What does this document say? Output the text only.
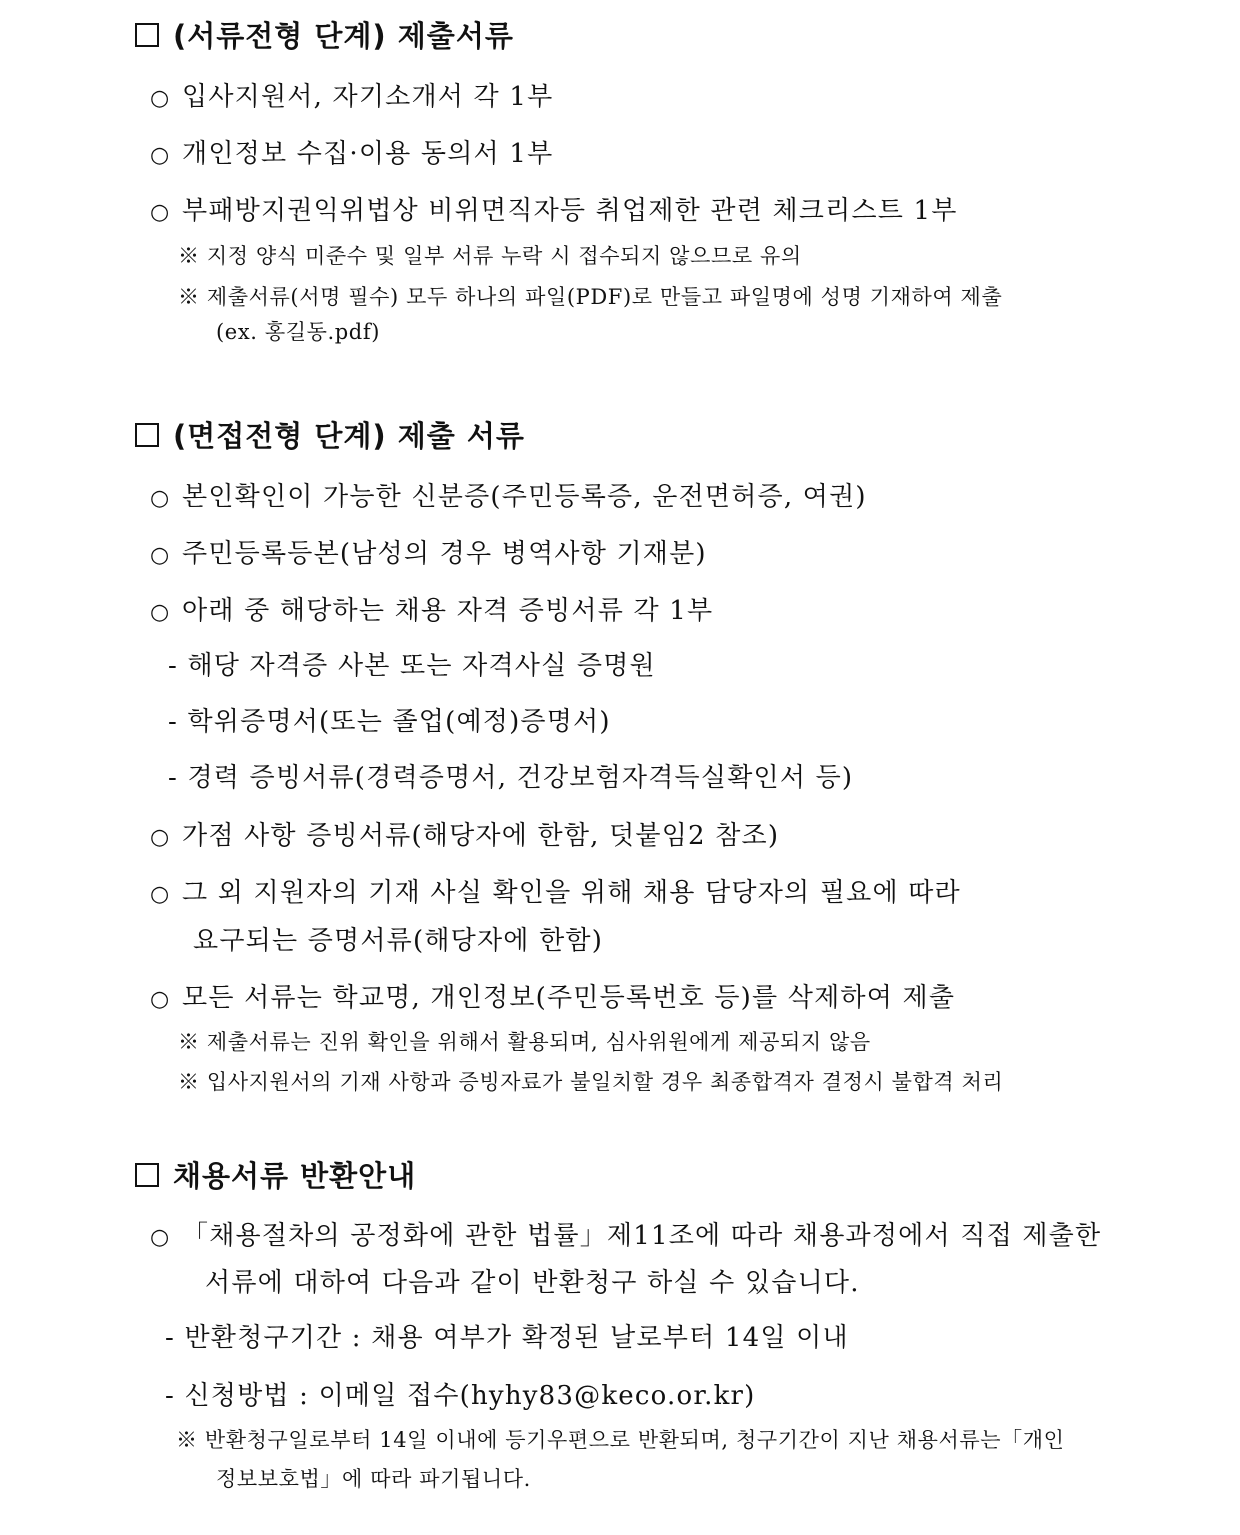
(서류전형 단계) 제출서류
○ 입사지원서, 자기소개서 각 1부
○ 개인정보 수집·이용 동의서 1부
○ 부패방지권익위법상 비위면직자등 취업제한 관련 체크리스트 1부
※ 지정 양식 미준수 및 일부 서류 누락 시 접수되지 않으므로 유의
※ 제출서류(서명 필수) 모두 하나의 파일(PDF)로 만들고 파일명에 성명 기재하여 제출
(ex. 홍길동.pdf)
(면접전형 단계) 제출 서류
○ 본인확인이 가능한 신분증(주민등록증, 운전면허증, 여권)
○ 주민등록등본(남성의 경우 병역사항 기재분)
○ 아래 중 해당하는 채용 자격 증빙서류 각 1부
- 해당 자격증 사본 또는 자격사실 증명원
- 학위증명서(또는 졸업(예정)증명서)
- 경력 증빙서류(경력증명서, 건강보험자격득실확인서 등)
○ 가점 사항 증빙서류(해당자에 한함, 덧붙임2 참조)
○ 그 외 지원자의 기재 사실 확인을 위해 채용 담당자의 필요에 따라
요구되는 증명서류(해당자에 한함)
○ 모든 서류는 학교명, 개인정보(주민등록번호 등)를 삭제하여 제출
※ 제출서류는 진위 확인을 위해서 활용되며, 심사위원에게 제공되지 않음
※ 입사지원서의 기재 사항과 증빙자료가 불일치할 경우 최종합격자 결정시 불합격 처리
채용서류 반환안내
○ 「채용절차의 공정화에 관한 법률」제11조에 따라 채용과정에서 직접 제출한
서류에 대하여 다음과 같이 반환청구 하실 수 있습니다.
- 반환청구기간 : 채용 여부가 확정된 날로부터 14일 이내
- 신청방법 : 이메일 접수(hyhy83@keco.or.kr)
※ 반환청구일로부터 14일 이내에 등기우편으로 반환되며, 청구기간이 지난 채용서류는「개인
정보보호법」에 따라 파기됩니다.
